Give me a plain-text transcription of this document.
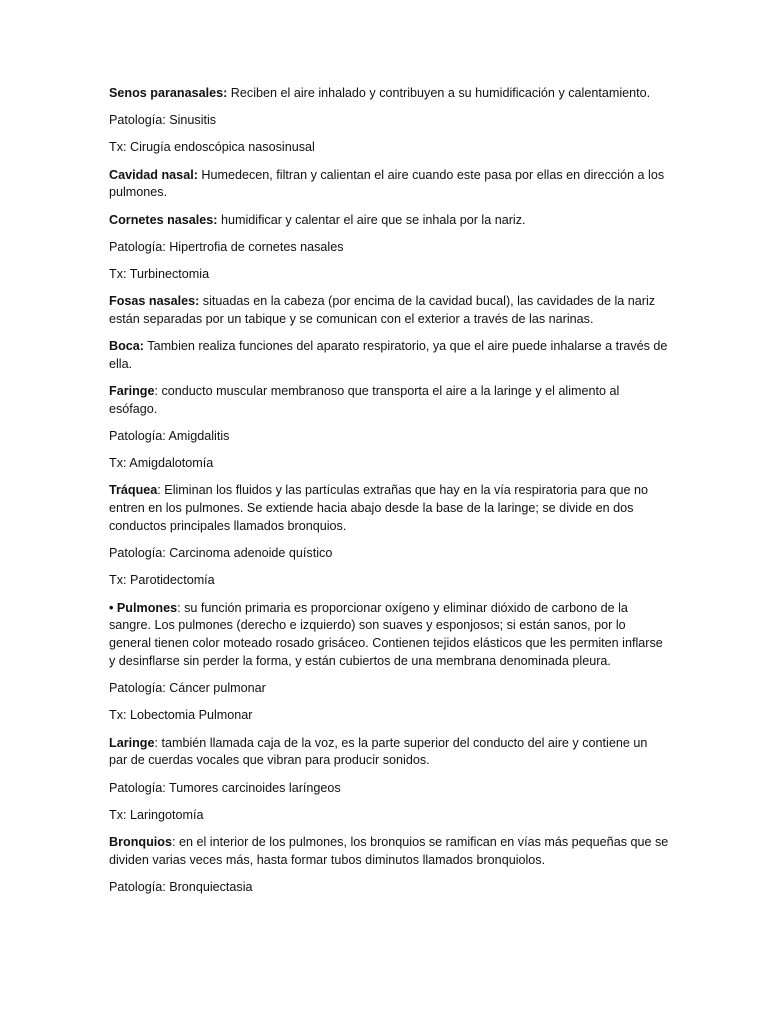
Senos paranasales: Reciben el aire inhalado y contribuyen a su humidificación y calentamiento.

Patología: Sinusitis

Tx: Cirugía endoscópica nasosinusal

Cavidad nasal: Humedecen, filtran y calientan el aire cuando este pasa por ellas en dirección a los pulmones.

Cornetes nasales: humidificar y calentar el aire que se inhala por la nariz.

Patología: Hipertrofia de cornetes nasales

Tx: Turbinectomia

Fosas nasales: situadas en la cabeza (por encima de la cavidad bucal), las cavidades de la nariz están separadas por un tabique y se comunican con el exterior a través de las narinas.

Boca: Tambien realiza funciones del aparato respiratorio, ya que el aire puede inhalarse a través de ella.

Faringe: conducto muscular membranoso que transporta el aire a la laringe y el alimento al esófago.

Patología: Amigdalitis

Tx: Amigdalotomía

Tráquea: Eliminan los fluidos y las partículas extrañas que hay en la vía respiratoria para que no entren en los pulmones. Se extiende hacia abajo desde la base de la laringe; se divide en dos conductos principales llamados bronquios.

Patología: Carcinoma adenoide quístico

Tx: Parotidectomía

• Pulmones: su función primaria es proporcionar oxígeno y eliminar dióxido de carbono de la sangre. Los pulmones (derecho e izquierdo) son suaves y esponjosos; si están sanos, por lo general tienen color moteado rosado grisáceo. Contienen tejidos elásticos que les permiten inflarse y desinflarse sin perder la forma, y están cubiertos de una membrana denominada pleura.

Patología: Cáncer pulmonar

Tx: Lobectomia Pulmonar

Laringe: también llamada caja de la voz, es la parte superior del conducto del aire y contiene un par de cuerdas vocales que vibran para producir sonidos.

Patología: Tumores carcinoides laríngeos

Tx: Laringotomía

Bronquios: en el interior de los pulmones, los bronquios se ramifican en vías más pequeñas que se dividen varias veces más, hasta formar tubos diminutos llamados bronquiolos.

Patología: Bronquiectasia
